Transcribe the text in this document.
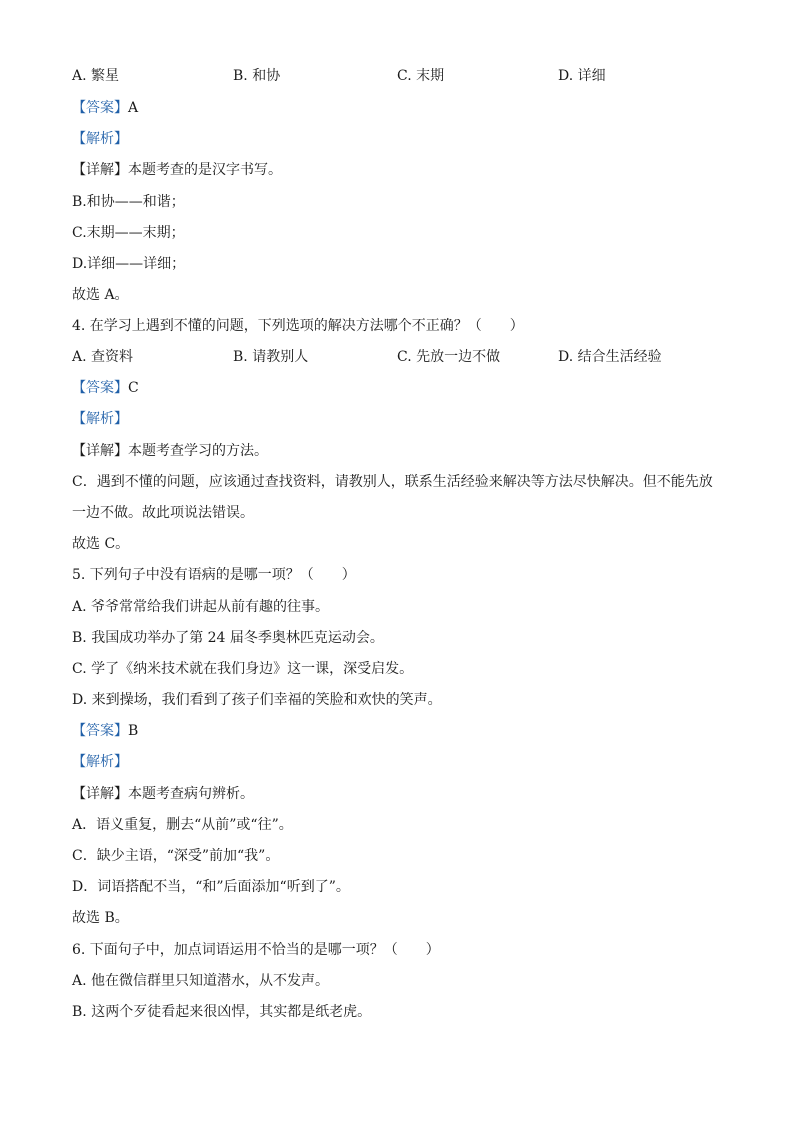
A. 繁星	B. 和协	C. 末期	D. 详细
【答案】A
【解析】
【详解】本题考查的是汉字书写。
B.和协——和谐；
C.末期——末期；
D.详细——详细；
故选 A。
4. 在学习上遇到不懂的问题，下列选项的解决方法哪个不正确？（　　）
A. 查资料	B. 请教别人	C. 先放一边不做	D. 结合生活经验
【答案】C
【解析】
【详解】本题考查学习的方法。
C．遇到不懂的问题，应该通过查找资料，请教别人，联系生活经验来解决等方法尽快解决。但不能先放
一边不做。故此项说法错误。
故选 C。
5. 下列句子中没有语病的是哪一项？（　　）
A. 爷爷常常给我们讲起从前有趣的往事。
B. 我国成功举办了第 24 届冬季奥林匹克运动会。
C. 学了《纳米技术就在我们身边》这一课，深受启发。
D. 来到操场，我们看到了孩子们幸福的笑脸和欢快的笑声。
【答案】B
【解析】
【详解】本题考查病句辨析。
A．语义重复，删去“从前”或“往”。
C．缺少主语，“深受”前加“我”。
D．词语搭配不当，“和”后面添加“听到了”。
故选 B。
6. 下面句子中，加点词语运用不恰当的是哪一项？（　　）
A. 他在微信群里只知道潜水，从不发声。
B. 这两个歹徒看起来很凶悍，其实都是纸老虎。
